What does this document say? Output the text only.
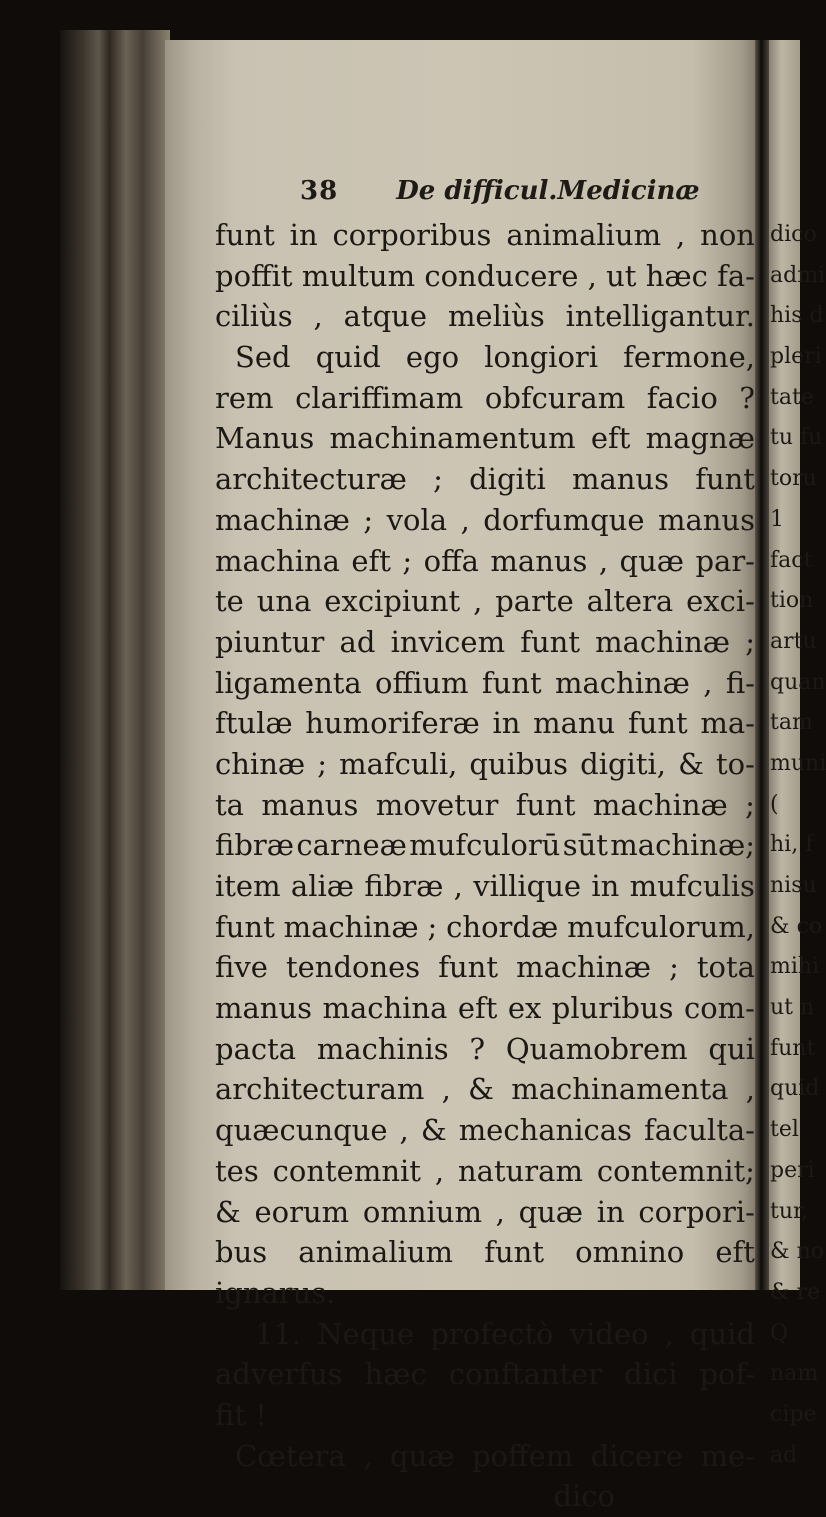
38 De difficul.Medicinæ
funt in corporibus animalium , non
poffit multum conducere , ut hæc fa-
ciliùs , atque meliùs intelligantur.
Sed quid ego longiori fermone,
rem clariffimam obfcuram facio ?
Manus machinamentum eft magnæ
architecturæ ; digiti manus funt
machinæ ; vola , dorfumque manus
machina eft ; offa manus , quæ par-
te una excipiunt , parte altera exci-
piuntur ad invicem funt machinæ ;
ligamenta offium funt machinæ , fi-
ftulæ humoriferæ in manu funt ma-
chinæ ; mafculi, quibus digiti, & to-
ta manus movetur funt machinæ ;
fibræ carneæ mufculorū sūt machinæ;
item aliæ fibræ , villique in mufculis
funt machinæ ; chordæ mufculorum,
five tendones funt machinæ ; tota
manus machina eft ex pluribus com-
pacta machinis ? Quamobrem qui
architecturam , & machinamenta ,
quæcunque , & mechanicas faculta-
tes contemnit , naturam contemnit;
& eorum omnium , quæ in corpori-
bus animalium funt omnino eft
ignarus.
11. Neque profectò video , quid
adverfus hæc conftanter dici pof-
fit !
Cœtera , quæ poffem dicere me-
dico
dico
admi
his d
pleri
tate
tu fu
toru
1
fact
tion
artu
quan
tam
muni
(
hi, f
nisu
& co
mihi
ut n
funt
quid
tel
peri
tur,
& no
& re
Q
nam
cipe
ad
